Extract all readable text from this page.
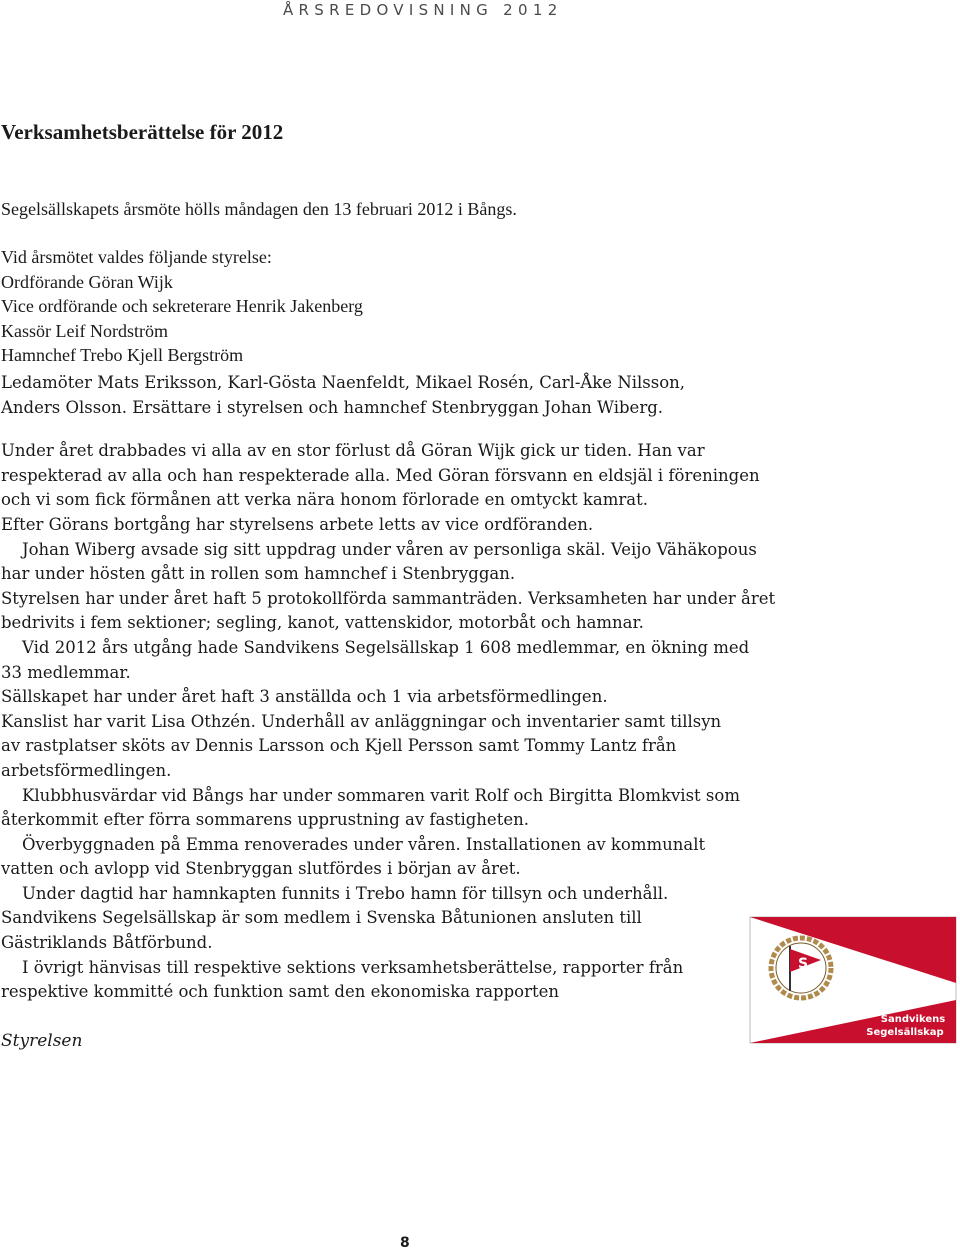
ÅRSREDOVISNING 2012
Verksamhetsberättelse för 2012

Segelsällskapets årsmöte hölls måndagen den 13 februari 2012 i Bångs.

Vid årsmötet valdes följande styrelse:
Ordförande Göran Wijk
Vice ordförande och sekreterare Henrik Jakenberg
Kassör Leif Nordström
Hamnchef Trebo Kjell Bergström
Ledamöter Mats Eriksson, Karl-Gösta Naenfeldt, Mikael Rosén, Carl-Åke Nilsson,
Anders Olsson. Ersättare i styrelsen och hamnchef Stenbryggan Johan Wiberg.
Under året drabbades vi alla av en stor förlust då Göran Wijk gick ur tiden. Han var
respekterad av alla och han respekterade alla. Med Göran försvann en eldsjäl i föreningen
och vi som fick förmånen att verka nära honom förlorade en omtyckt kamrat.
Efter Görans bortgång har styrelsens arbete letts av vice ordföranden.
Johan Wiberg avsade sig sitt uppdrag under våren av personliga skäl. Veijo Vähäkopous
har under hösten gått in rollen som hamnchef i Stenbryggan.
Styrelsen har under året haft 5 protokollförda sammanträden. Verksamheten har under året
bedrivits i fem sektioner; segling, kanot, vattenskidor, motorbåt och hamnar.
Vid 2012 års utgång hade Sandvikens Segelsällskap 1 608 medlemmar, en ökning med
33 medlemmar.
Sällskapet har under året haft 3 anställda och 1 via arbetsförmedlingen.
Kanslist har varit Lisa Othzén. Underhåll av anläggningar och inventarier samt tillsyn
av rastplatser sköts av Dennis Larsson och Kjell Persson samt Tommy Lantz från
arbetsförmedlingen.
Klubbhusvärdar vid Bångs har under sommaren varit Rolf och Birgitta Blomkvist som
återkommit efter förra sommarens upprustning av fastigheten.
Överbyggnaden på Emma renoverades under våren. Installationen av kommunalt
vatten och avlopp vid Stenbryggan slutfördes i början av året.
Under dagtid har hamnkapten funnits i Trebo hamn för tillsyn och underhåll.
Sandvikens Segelsällskap är som medlem i Svenska Båtunionen ansluten till
Gästriklands Båtförbund.
I övrigt hänvisas till respektive sektions verksamhetsberättelse, rapporter från
respektive kommitté och funktion samt den ekonomiska rapporten
Styrelsen
S
Sandvikens
Segelsällskap
8
